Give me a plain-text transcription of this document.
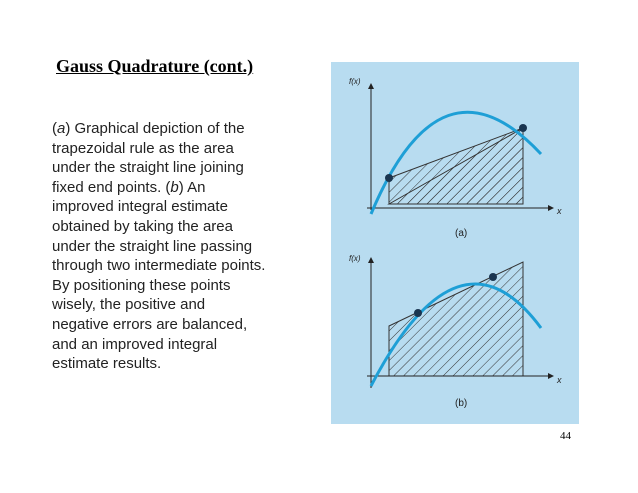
Gauss Quadrature (cont.)
(a) Graphical depiction of the
trapezoidal rule as the area
under the straight line joining
fixed end points. (b) An
improved integral estimate
obtained by taking the area
under the straight line passing
through two intermediate points.
By positioning these points
wisely, the positive and
negative errors are balanced,
and an improved integral
estimate results.
f(x)
x
(a)
f(x)
x
(b)
44
